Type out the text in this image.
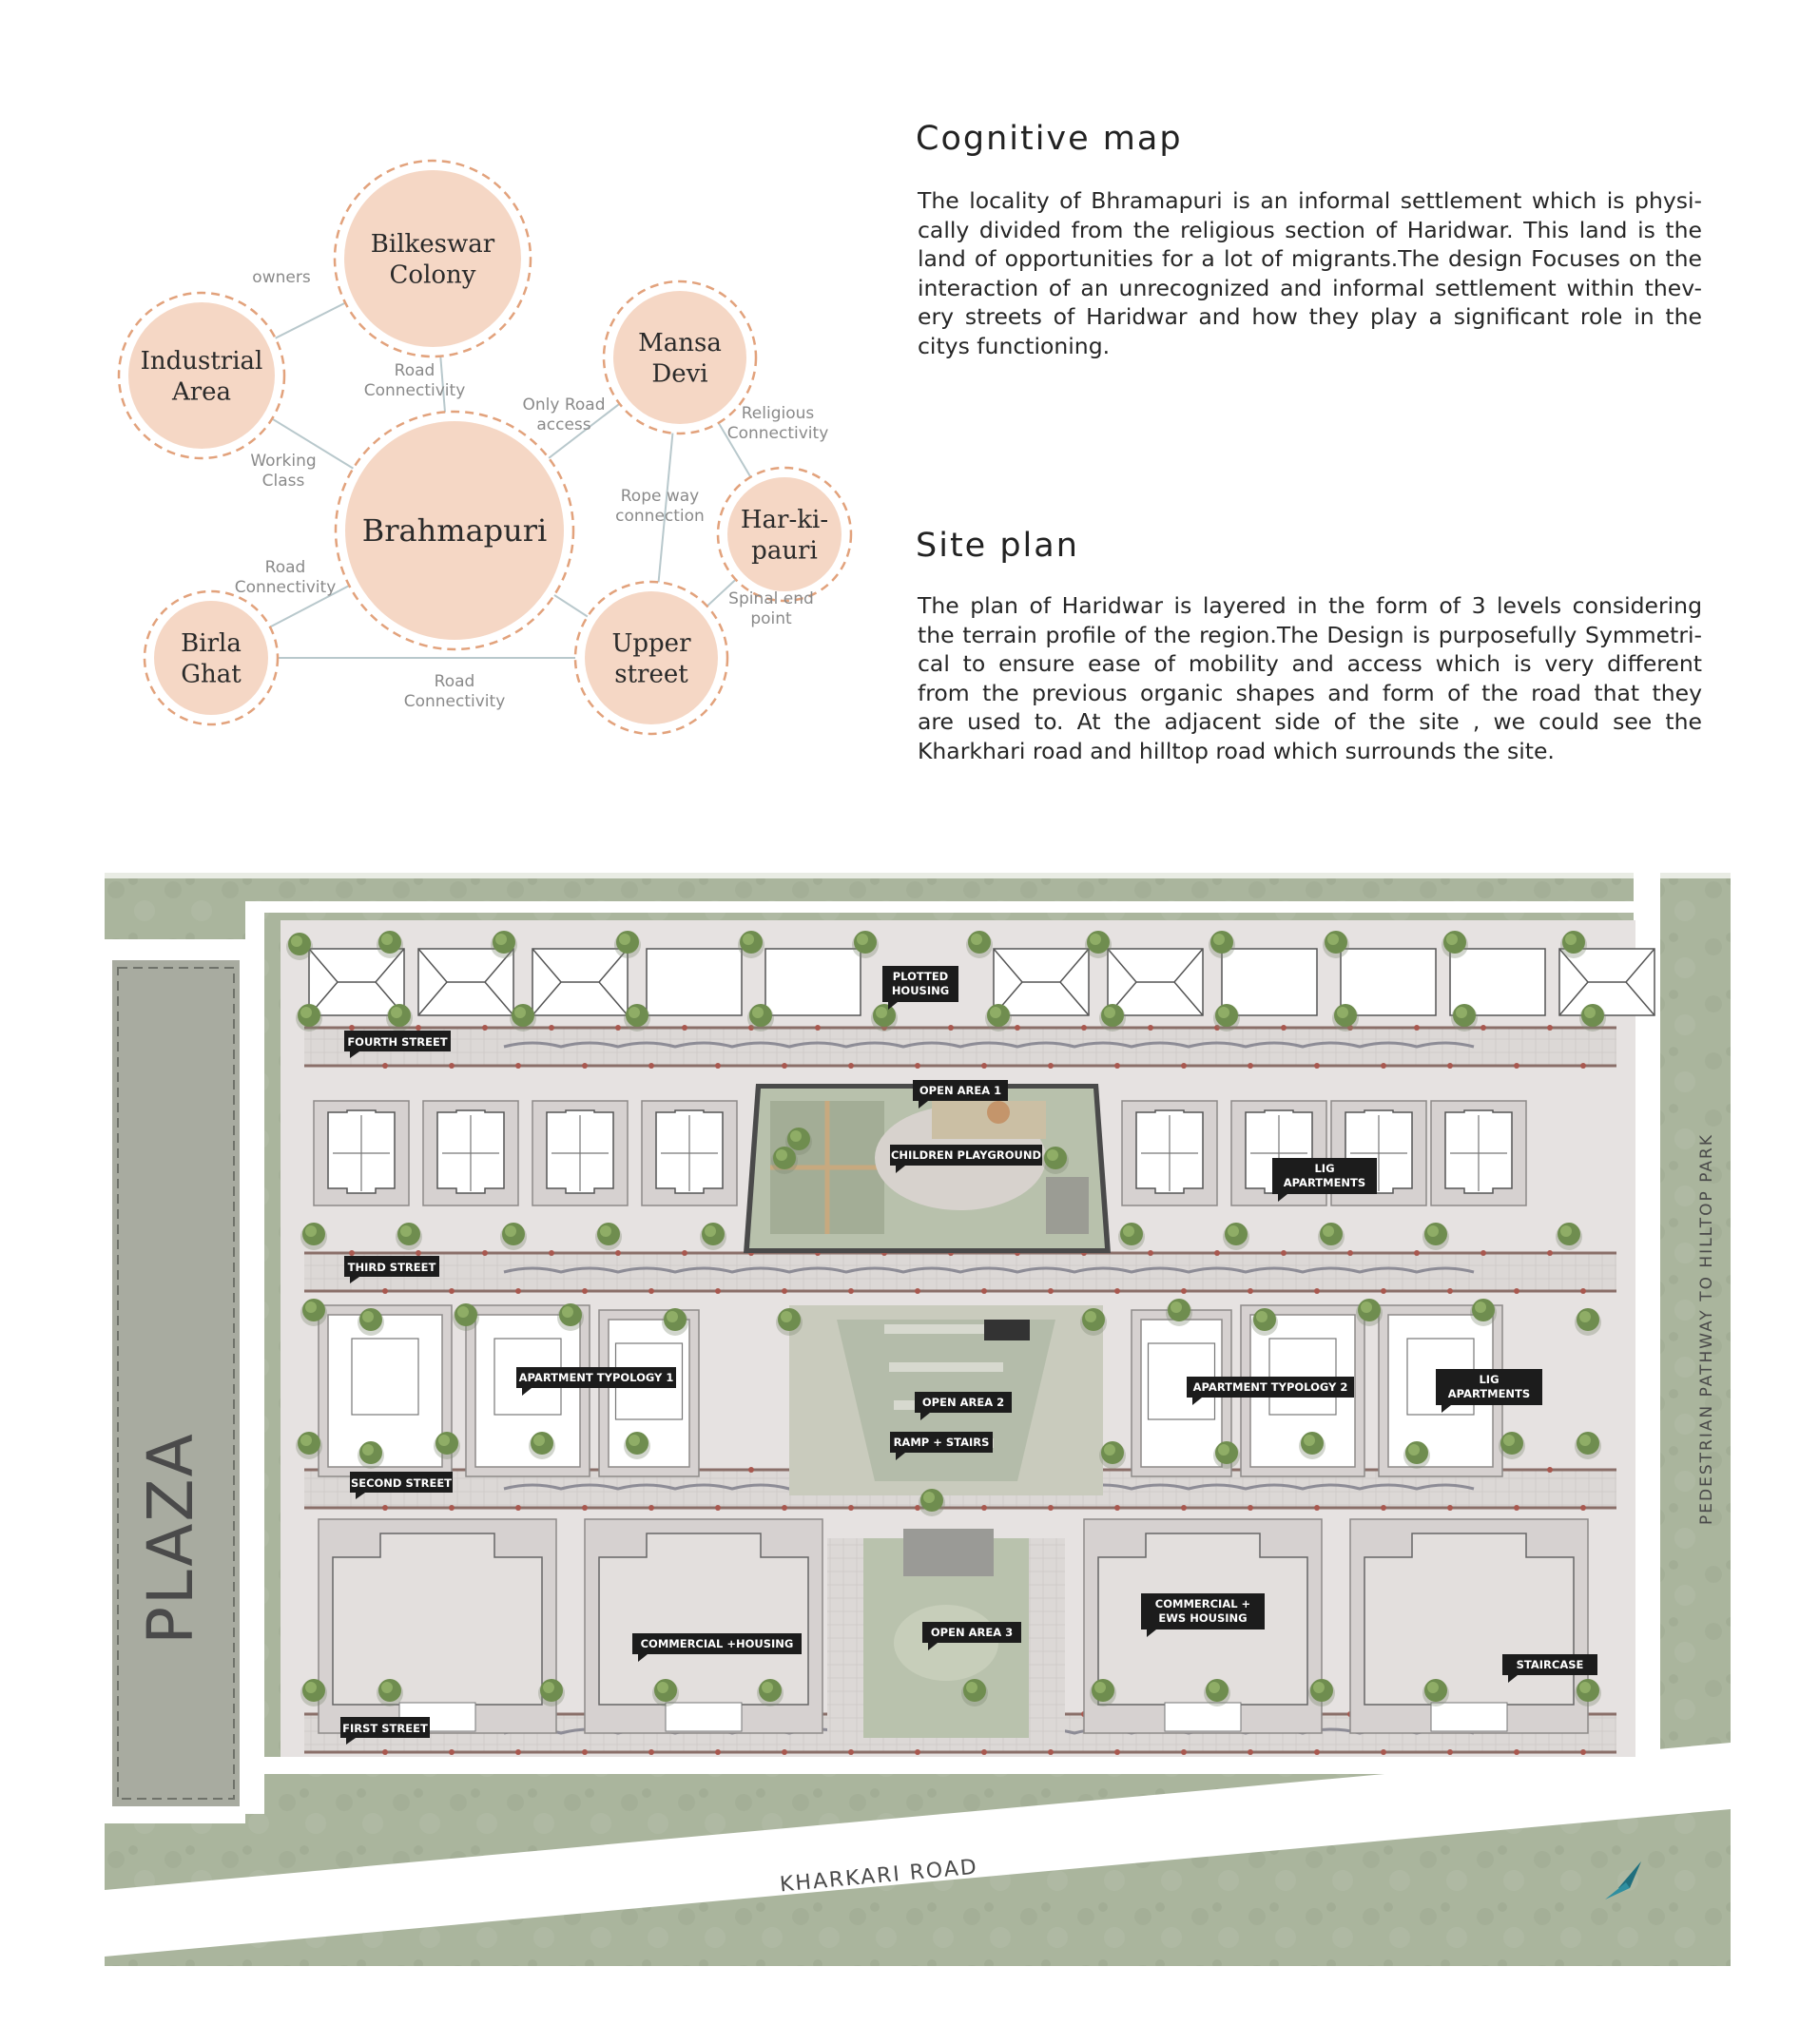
Bilkeswar
Colony
Industrial
Area
Mansa
Devi
Brahmapuri	Har-ki-
pauri
Birla
Ghat
Upper
street
owners
Road
Connectivity
Only Road
access
Religious
Connectivity
Working
Class
Rope way
connection
Road
Connectivity
Spinal end
point
Road
Connectivity
Cognitive map

The locality of Bhramapuri is an informal settlement which is physi-
cally divided from the religious section of Haridwar. This land is the
land of opportunities for a lot of migrants.The design Focuses on the
interaction of an unrecognized and informal settlement within thev-
ery streets of Haridwar and how they play a significant role in the
citys functioning.

Site plan

The plan of Haridwar is layered in the form of 3 levels considering
the terrain profile of the region.The Design is purposefully Symmetri-
cal to ensure ease of mobility and access which is very different
from the previous organic shapes and form of the road that they
are used to. At the adjacent side of the site , we could see the
Kharkhari road and hilltop road which surrounds the site.

PLAZA
FOURTH STREET
THIRD STREET
SECOND STREET
FIRST STREET
PLOTTED
HOUSING
OPEN AREA 1
CHILDREN PLAYGROUND
LIG
APARTMENTS
APARTMENT TYPOLOGY 1
OPEN AREA 2
RAMP + STAIRS
APARTMENT TYPOLOGY 2
LIG
APARTMENTS
COMMERCIAL +HOUSING
OPEN AREA 3
COMMERCIAL +
EWS HOUSING
STAIRCASE
KHARKARI ROAD
PEDESTRIAN PATHWAY TO HILLTOP PARK
